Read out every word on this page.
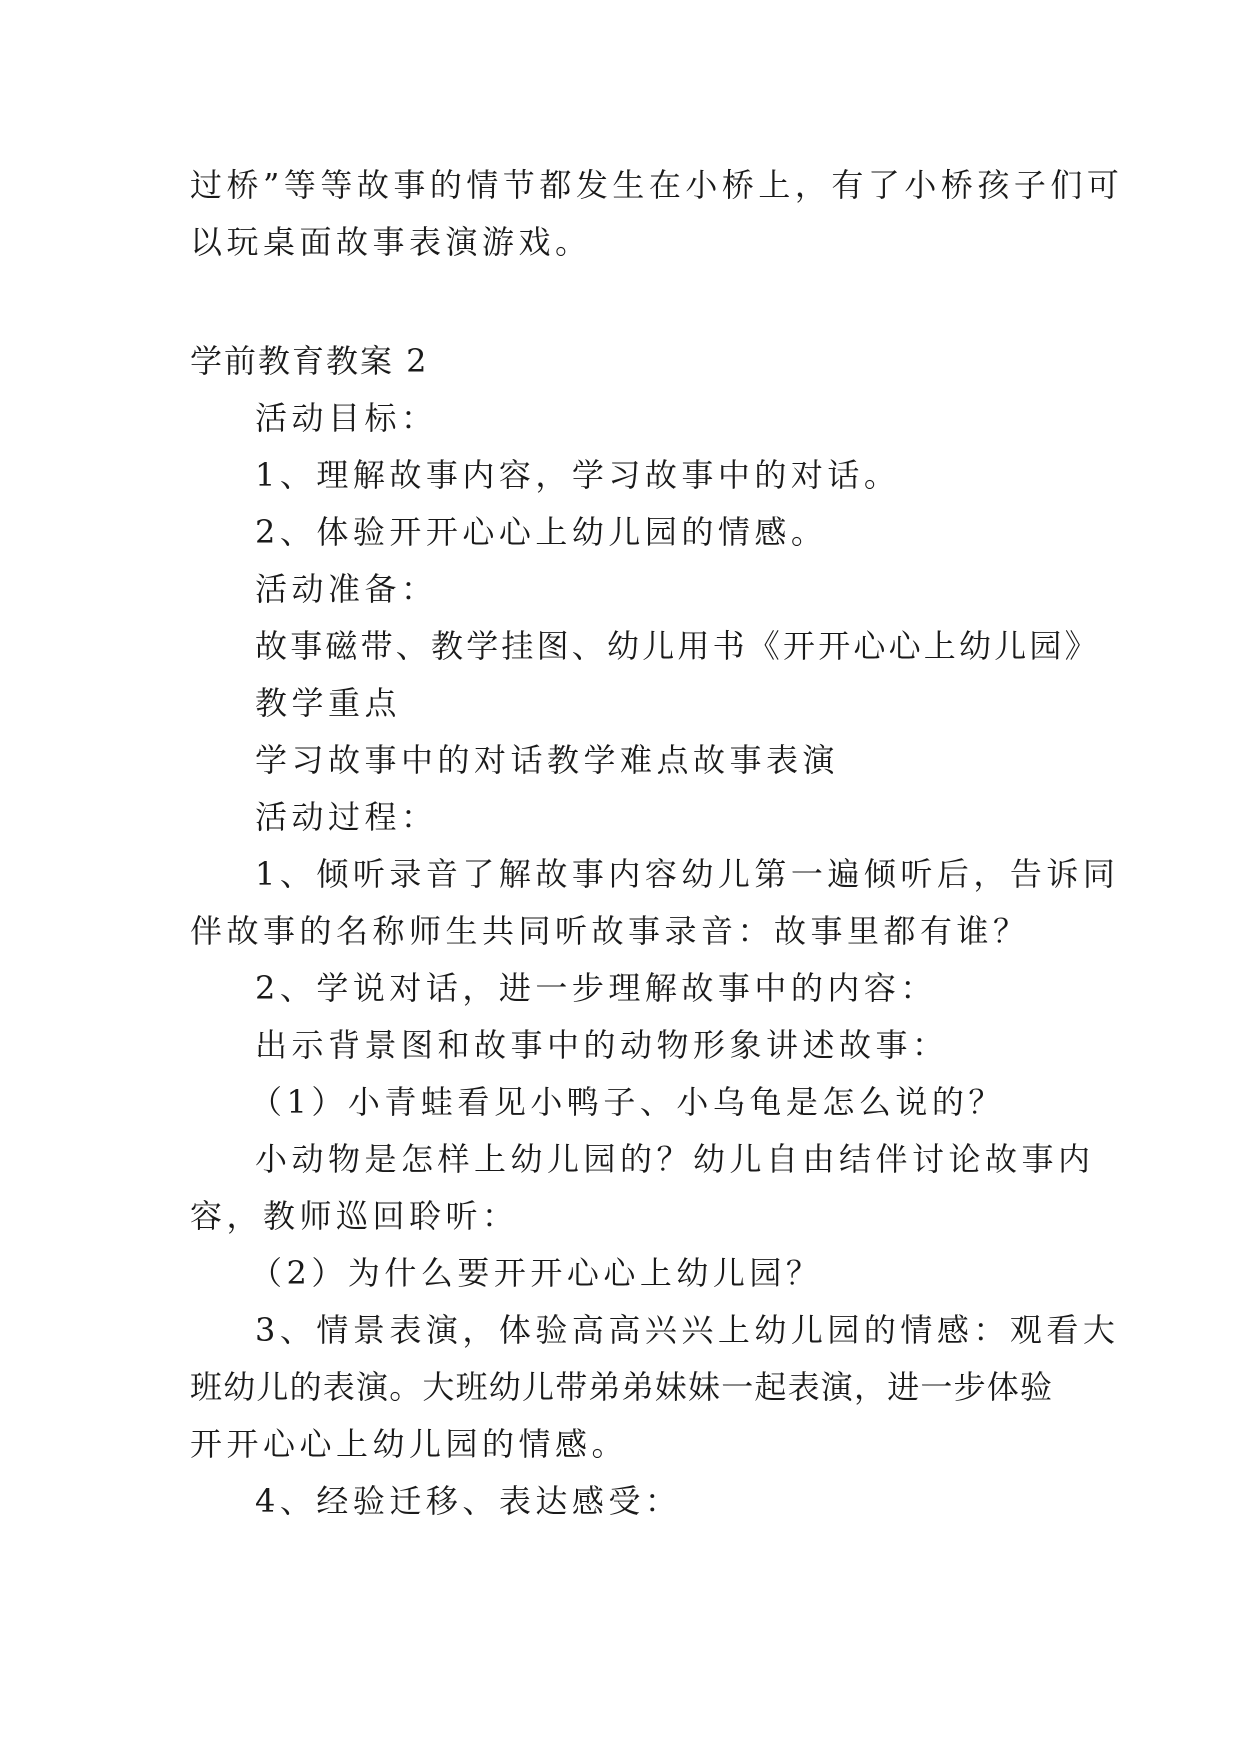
过桥”等等故事的情节都发生在小桥上，有了小桥孩子们可
以玩桌面故事表演游戏。
学前教育教案 2
活动目标：
1、理解故事内容，学习故事中的对话。
2、体验开开心心上幼儿园的情感。
活动准备：
故事磁带、教学挂图、幼儿用书《开开心心上幼儿园》
教学重点
学习故事中的对话教学难点故事表演
活动过程：
1、倾听录音了解故事内容幼儿第一遍倾听后，告诉同
伴故事的名称师生共同听故事录音：故事里都有谁？
2、学说对话，进一步理解故事中的内容：
出示背景图和故事中的动物形象讲述故事：
（1）小青蛙看见小鸭子、小乌龟是怎么说的？
小动物是怎样上幼儿园的？幼儿自由结伴讨论故事内
容，教师巡回聆听：
（2）为什么要开开心心上幼儿园？
3、情景表演，体验高高兴兴上幼儿园的情感：观看大
班幼儿的表演。大班幼儿带弟弟妹妹一起表演，进一步体验
开开心心上幼儿园的情感。
4、经验迁移、表达感受：
